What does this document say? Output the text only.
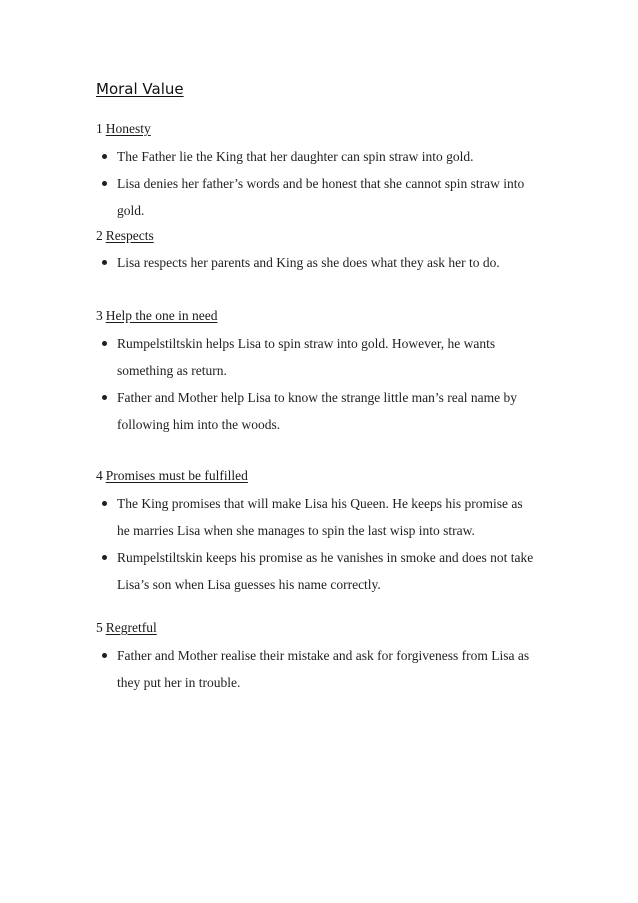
Moral Value

1 Honesty

The Father lie the King that her daughter can spin straw into gold.
Lisa denies her father’s words and be honest that she cannot spin straw into gold.

2 Respects

Lisa respects her parents and King as she does what they ask her to do.

3 Help the one in need

Rumpelstiltskin helps Lisa to spin straw into gold. However, he wants something as return.
Father and Mother help Lisa to know the strange little man’s real name by following him into the woods.

4 Promises must be fulfilled

The King promises that will make Lisa his Queen. He keeps his promise as he marries Lisa when she manages to spin the last wisp into straw.
Rumpelstiltskin keeps his promise as he vanishes in smoke and does not take Lisa’s son when Lisa guesses his name correctly.

5 Regretful

Father and Mother realise their mistake and ask for forgiveness from Lisa as they put her in trouble.
